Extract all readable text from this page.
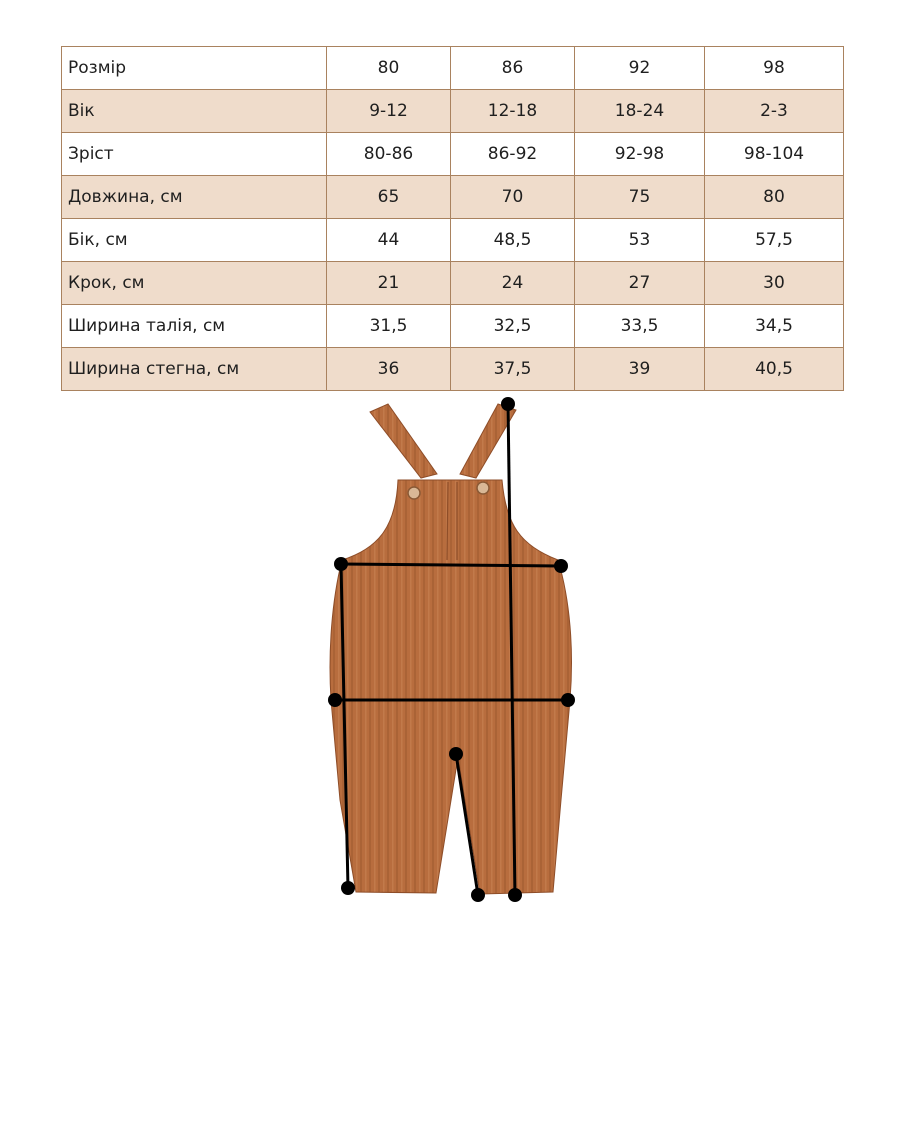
Розмір	80	86	92	98
Вік	9-12	12-18	18-24	2-3
Зріст	80-86	86-92	92-98	98-104
Довжина, см	65	70	75	80
Бік, см	44	48,5	53	57,5
Крок, см	21	24	27	30
Ширина талія, см	31,5	32,5	33,5	34,5
Ширина стегна, см	36	37,5	39	40,5
